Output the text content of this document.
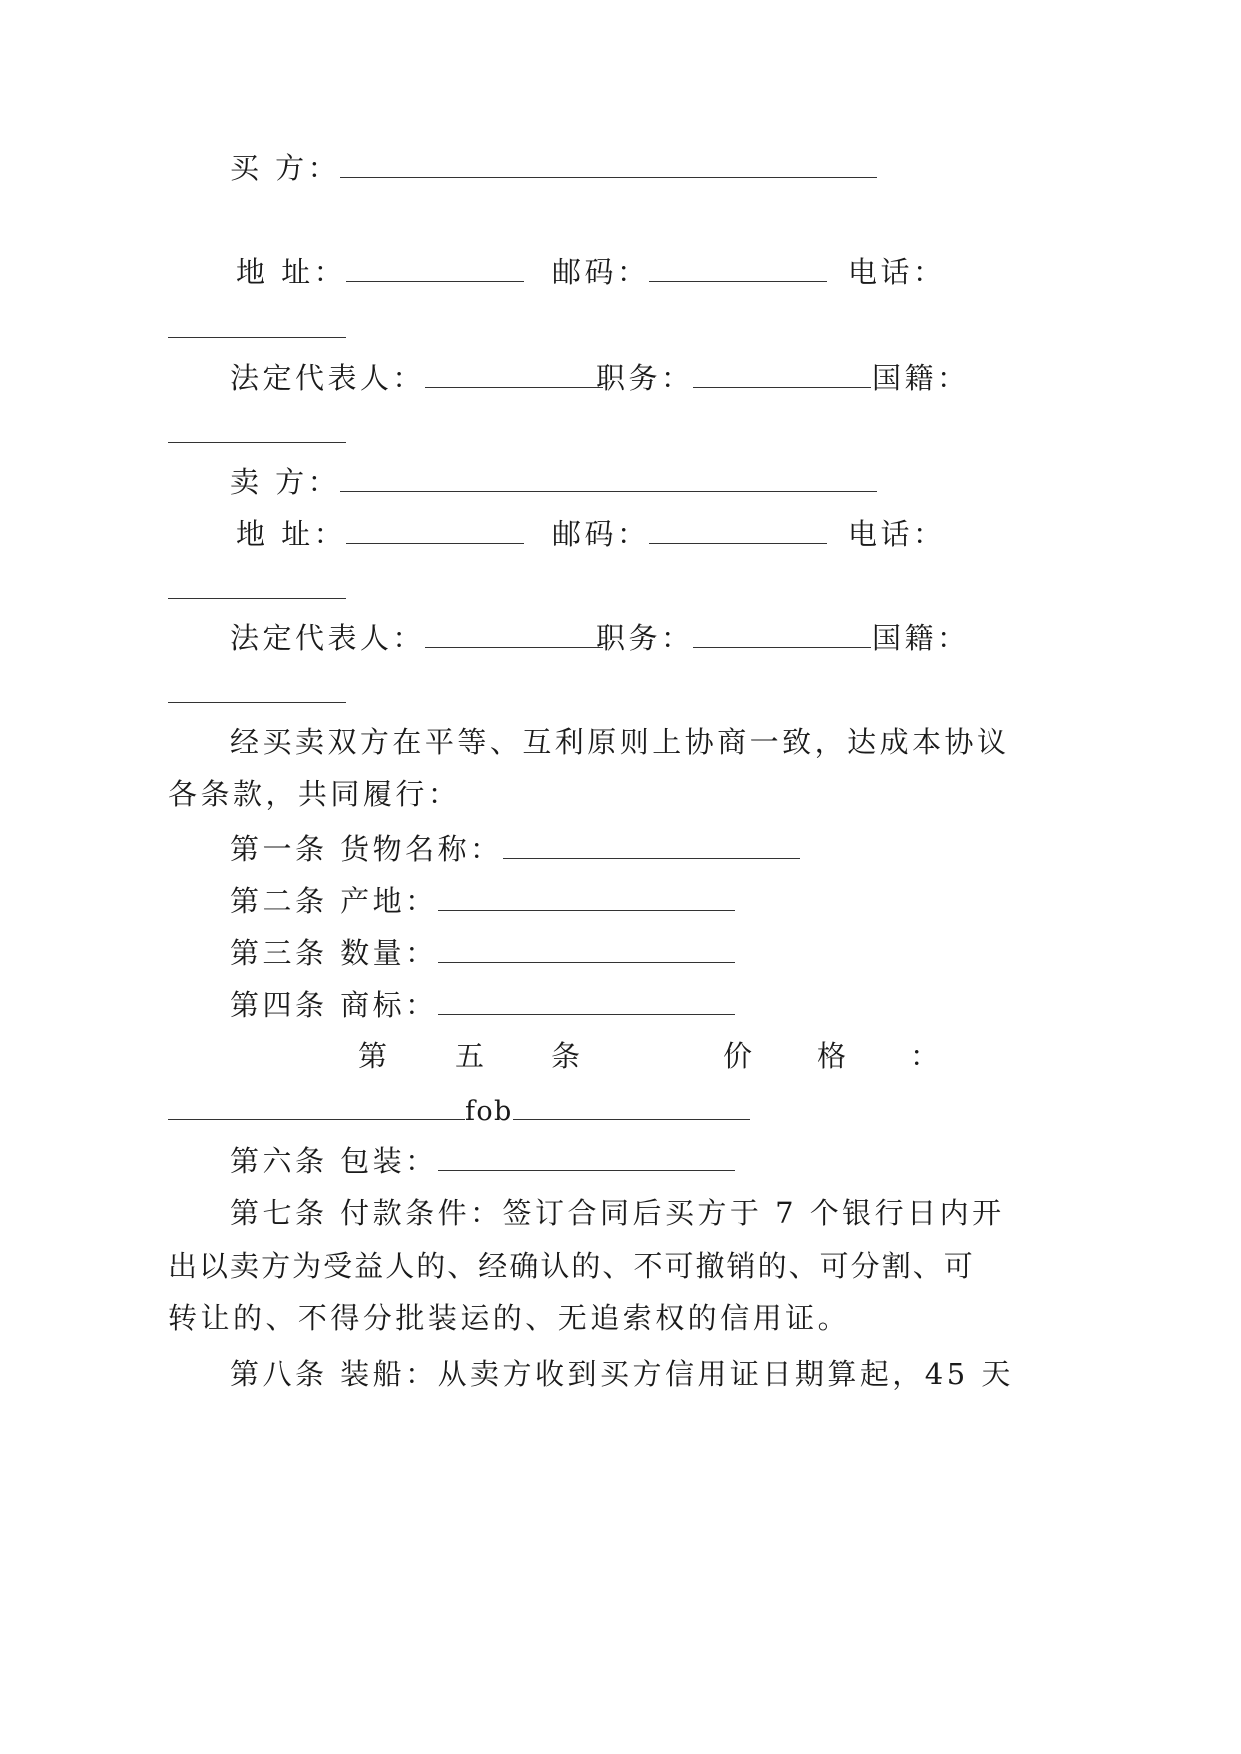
买 方：
地 址：	邮码：	电话：
法定代表人：	职务：	国籍：
卖 方：
地 址：	邮码：	电话：
法定代表人：	职务：	国籍：
经买卖双方在平等、互利原则上协商一致，达成本协议
各条款，共同履行：
第一条 货物名称：
第二条 产地：
第三条 数量：
第四条 商标：
第 五 条	价 格 ：
fob
第六条 包装：
第七条 付款条件：签订合同后买方于 7 个银行日内开
出以卖方为受益人的、经确认的、不可撤销的、可分割、可
转让的、不得分批装运的、无追索权的信用证。
第八条 装船：从卖方收到买方信用证日期算起，45 天
